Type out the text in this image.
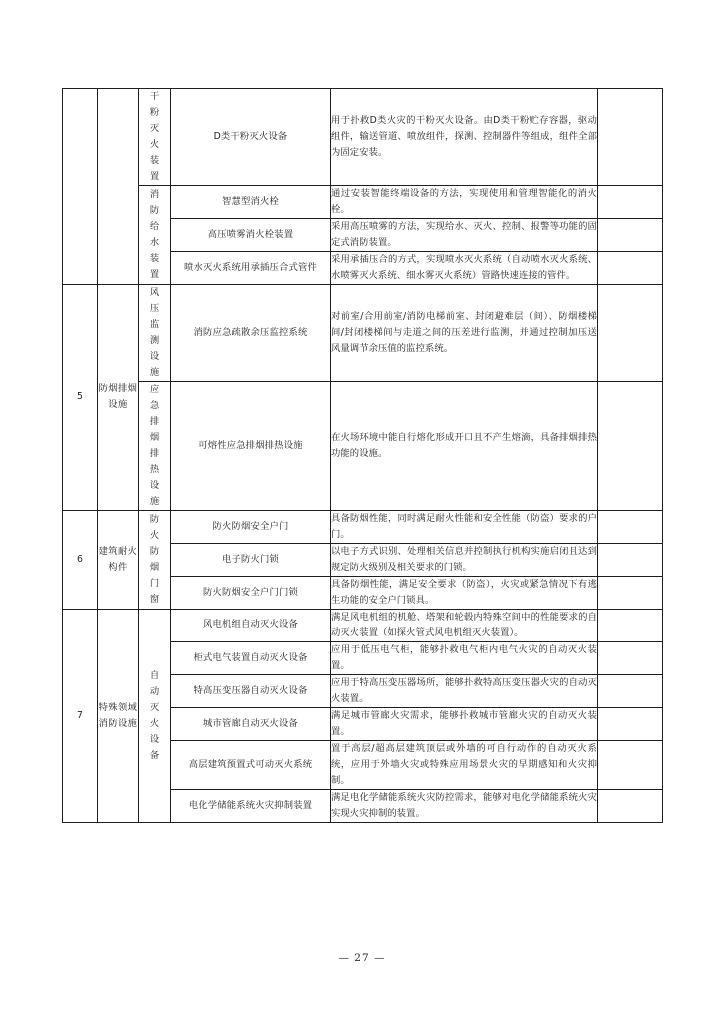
		干粉灭火装置	D类干粉灭火设备	用于扑救D类火灾的干粉灭火设备。由D类干粉贮存容器，驱动组件，输送管道、喷放组件，探测、控制器件等组成，组件全部为固定安装。	

		消防给水装置	智慧型消火栓	通过安装智能终端设备的方法，实现使用和管理智能化的消火栓。	
			高压喷雾消火栓装置	采用高压喷雾的方法，实现给水、灭火、控制、报警等功能的固定式消防装置。	
			喷水灭火系统用承插压合式管件	采用承插压合的方式，实现喷水灭火系统（自动喷水灭火系统、水喷雾灭火系统、细水雾灭火系统）管路快速连接的管件。	
5	防烟排烟设施	风压监测设施	消防应急疏散余压监控系统	对前室/合用前室/消防电梯前室、封闭避难层（间）、防烟楼梯间/封闭楼梯间与走道之间的压差进行监测，并通过控制加压送风量调节余压值的监控系统。	

		应急排烟排热设施	可熔性应急排烟排热设施	在火场环境中能自行熔化形成开口且不产生熔滴，具备排烟排热功能的设施。	
6	建筑耐火构件	防火防烟门窗	防火防烟安全户门	具备防烟性能，同时满足耐火性能和安全性能（防盗）要求的户门。	
			电子防火门锁	以电子方式识别、处理相关信息并控制执行机构实施启闭且达到规定防火级别及相关要求的门锁。	
			防火防烟安全户门门锁	具备防烟性能，满足安全要求（防盗），火灾或紧急情况下有逃生功能的安全户门锁具。	
7	特殊领域消防设施	自动灭火设备	风电机组自动灭火设备	满足风电机组的机舱、塔架和轮毂内特殊空间中的性能要求的自动灭火装置（如探火管式风电机组灭火装置）。	
			柜式电气装置自动灭火设备	应用于低压电气柜，能够扑救电气柜内电气火灾的自动灭火装置。	
			特高压变压器自动灭火设备	应用于特高压变压器场所，能够扑救特高压变压器火灾的自动灭火装置。	
			城市管廊自动灭火设备	满足城市管廊火灾需求，能够扑救城市管廊火灾的自动灭火装置。	
			高层建筑预置式可动灭火系统	置于高层/超高层建筑顶层或外墙的可自行动作的自动灭火系统，应用于外墙火灾或特殊应用场景火灾的早期感知和火灾抑制。	
			电化学储能系统火灾抑制装置	满足电化学储能系统火灾防控需求，能够对电化学储能系统火灾实现火灾抑制的装置。	
— 27 —
